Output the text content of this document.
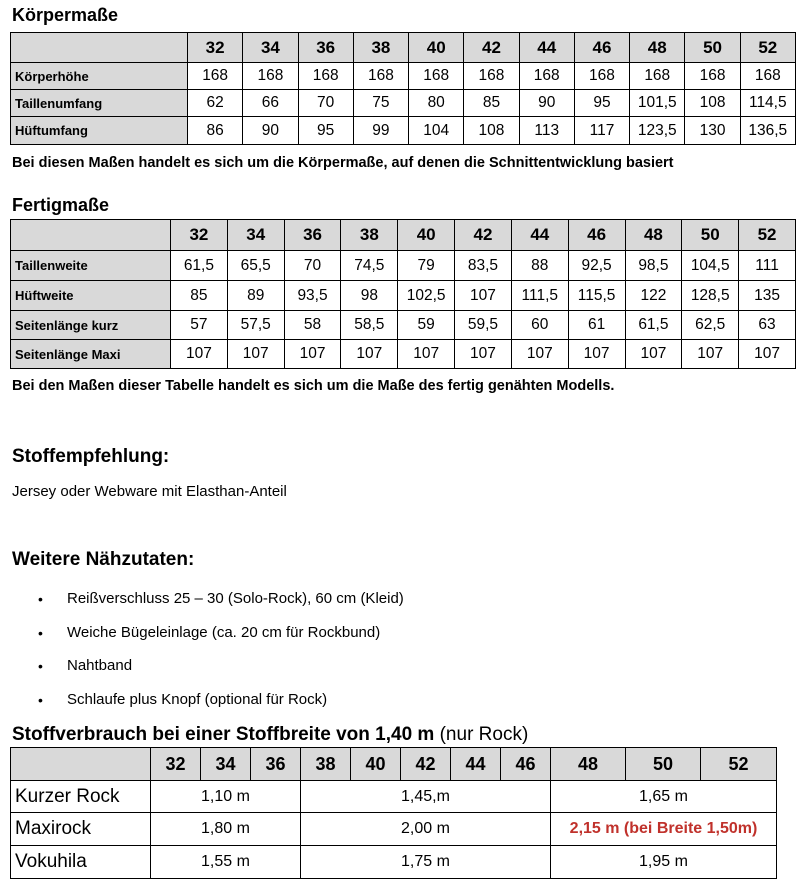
Körpermaße
	32	34	36	38	40	42	44	46	48	50	52
Körperhöhe	168	168	168	168	168	168	168	168	168	168	168
Taillenumfang	62	66	70	75	80	85	90	95	101,5	108	114,5
Hüftumfang	86	90	95	99	104	108	113	117	123,5	130	136,5

Bei diesen Maßen handelt es sich um die Körpermaße, auf denen die Schnittentwicklung basiert

Fertigmaße
	32	34	36	38	40	42	44	46	48	50	52
Taillenweite	61,5	65,5	70	74,5	79	83,5	88	92,5	98,5	104,5	111
Hüftweite	85	89	93,5	98	102,5	107	111,5	115,5	122	128,5	135
Seitenlänge kurz	57	57,5	58	58,5	59	59,5	60	61	61,5	62,5	63
Seitenlänge Maxi	107	107	107	107	107	107	107	107	107	107	107

Bei den Maßen dieser Tabelle handelt es sich um die Maße des fertig genähten Modells.

Stoffempfehlung:

Jersey oder Webware mit Elasthan-Anteil

Weitere Nähzutaten:
• Reißverschluss 25 – 30 (Solo-Rock), 60 cm (Kleid)
• Weiche Bügeleinlage (ca. 20 cm für Rockbund)
• Nahtband
• Schlaufe plus Knopf (optional für Rock)
Stoffverbrauch bei einer Stoffbreite von 1,40 m (nur Rock)
	32	34	36	38	40	42	44	46	48	50	52
Kurzer Rock	1,10 m			1,45,m					1,65 m		
Maxirock	1,80 m			2,00 m					2,15 m (bei Breite 1,50m)		
Vokuhila	1,55 m			1,75 m					1,95 m		
